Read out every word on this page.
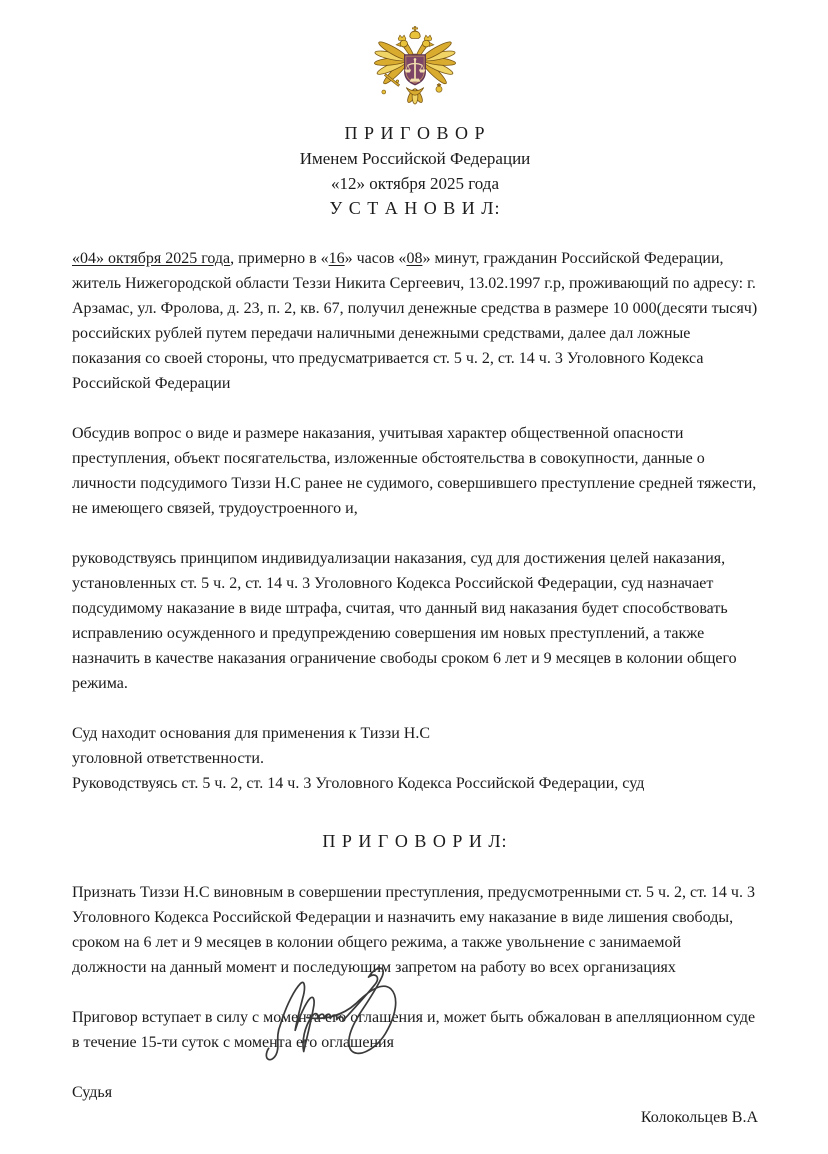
П Р И Г О В О Р
Именем Российской Федерации
«12» октября 2025 года
У С Т А Н О В И Л:

«04» октября 2025 года, примерно в «16» часов «08» минут, гражданин Российской Федерации, житель Нижегородской области Теззи Никита Сергеевич, 13.02.1997 г.р, проживающий по адресу: г. Арзамас, ул. Фролова, д. 23, п. 2, кв. 67, получил денежные средства в размере 10 000(десяти тысяч) российских рублей путем передачи наличными денежными средствами, далее дал ложные показания со своей стороны, что предусматривается ст. 5 ч. 2, ст. 14 ч. 3 Уголовного Кодекса Российской Федерации

Обсудив вопрос о виде и размере наказания, учитывая характер общественной опасности преступления, объект посягательства, изложенные обстоятельства в совокупности, данные о личности подсудимого Тиззи Н.С ранее не судимого, совершившего преступление средней тяжести, не имеющего связей, трудоустроенного и,

руководствуясь принципом индивидуализации наказания, суд для достижения целей наказания, установленных ст. 5 ч. 2, ст. 14 ч. 3 Уголовного Кодекса Российской Федерации, суд назначает подсудимому наказание в виде штрафа, считая, что данный вид наказания будет способствовать исправлению осужденного и предупреждению совершения им новых преступлений, а также назначить в качестве наказания ограничение свободы сроком 6 лет и 9 месяцев в колонии общего режима.

Суд находит основания для применения к Тиззи Н.С
уголовной ответственности.
Руководствуясь ст. 5 ч. 2, ст. 14 ч. 3 Уголовного Кодекса Российской Федерации, суд

П Р И Г О В О Р И Л:

Признать Тиззи Н.С виновным в совершении преступления, предусмотренными ст. 5 ч. 2, ст. 14 ч. 3 Уголовного Кодекса Российской Федерации и назначить ему наказание в виде лишения свободы, сроком на 6 лет и 9 месяцев в колонии общего режима, а также увольнение с занимаемой должности на данный момент и последующим запретом на работу во всех организациях

Приговор вступает в силу с момента его оглашения и, может быть обжалован в апелляционном суде в течение 15-ти суток с момента его оглашения

Судья
Колокольцев В.А
